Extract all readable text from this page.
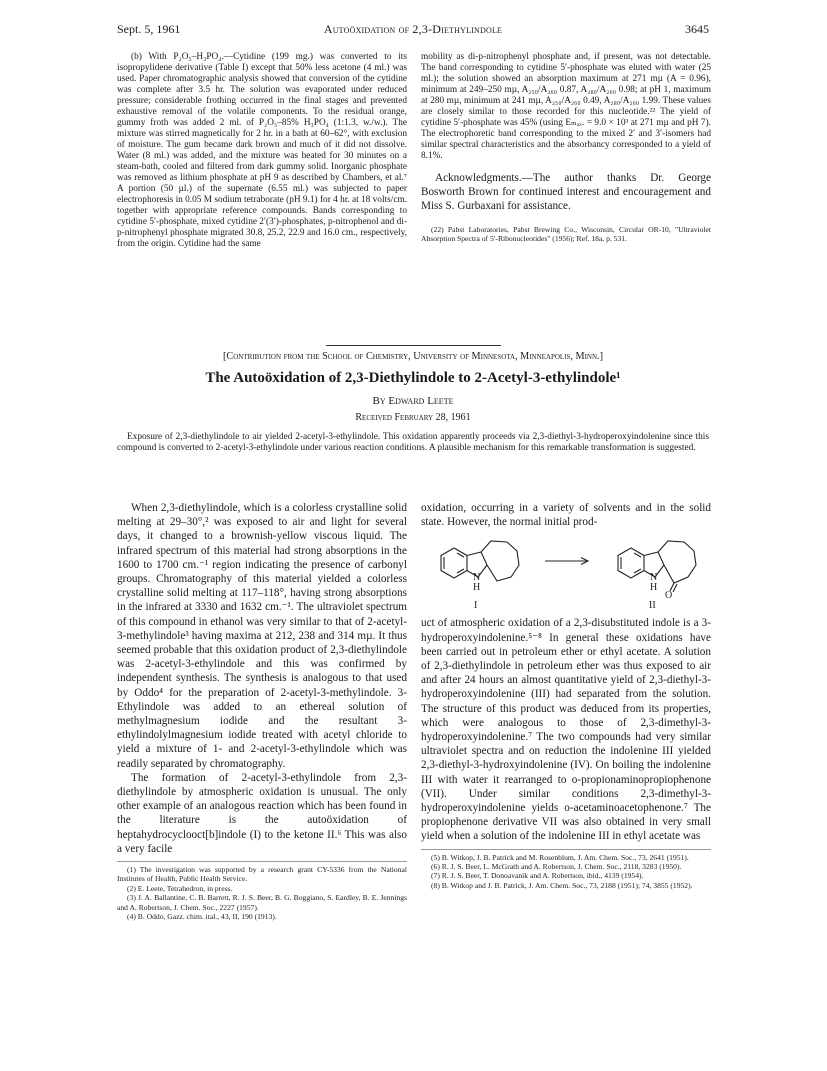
Sept. 5, 1961	Autoöxidation of 2,3-Diethylindole	3645

(b) With P₂O₅–H₃PO₄.—Cytidine (199 mg.) was converted to its isopropylidene derivative (Table I) except that 50% less acetone (4 ml.) was used. Paper chromatographic analysis showed that conversion of the cytidine was complete after 3.5 hr. The solution was evaporated under reduced pressure; considerable frothing occurred in the final stages and prevented exhaustive removal of the volatile components. To the residual orange, gummy froth was added 2 ml. of P₂O₅–85% H₃PO₄ (1:1.3, w./w.). The mixture was stirred magnetically for 2 hr. in a bath at 60–62°, with exclusion of moisture. The gum became dark brown and much of it did not dissolve. Water (8 ml.) was added, and the mixture was heated for 30 minutes on a steam-bath, cooled and filtered from dark gummy solid. Inorganic phosphate was removed as lithium phosphate at pH 9 as described by Chambers, et al.⁷ A portion (50 µl.) of the supernate (6.55 ml.) was subjected to paper electrophoresis in 0.05 M sodium tetraborate (pH 9.1) for 4 hr. at 18 volts/cm. together with appropriate reference compounds. Bands corresponding to cytidine 5′-phosphate, mixed cytidine 2′(3′)-phosphates, p-nitrophenol and di-p-nitrophenyl phosphate migrated 30.8, 25.2, 22.9 and 16.0 cm., respectively, from the origin. Cytidine had the same

mobility as di-p-nitrophenyl phosphate and, if present, was not detectable. The band corresponding to cytidine 5′-phosphate was eluted with water (25 ml.); the solution showed an absorption maximum at 271 mµ (A = 0.96), minimum at 249–250 mµ, A₂₅₀/A₂₆₀ 0.87, A₂₈₀/A₂₆₀ 0.98; at pH 1, maximum at 280 mµ, minimum at 241 mµ, A₂₅₀/A₂₆₀ 0.49, A₂₈₀/A₂₆₀ 1.99. These values are closely similar to those recorded for this nucleotide.²² The yield of cytidine 5′-phosphate was 45% (using Eₘₐₓ. = 9.0 × 10³ at 271 mµ and pH 7). The electrophoretic band corresponding to the mixed 2′ and 3′-isomers had similar spectral characteristics and the absorbancy corresponded to a yield of 8.1%.

Acknowledgments.—The author thanks Dr. George Bosworth Brown for continued interest and encouragement and Miss S. Gurbaxani for assistance.

(22) Pabst Laboratories, Pabst Brewing Co., Wisconsin, Circular OR-10, "Ultraviolet Absorption Spectra of 5′-Ribonucleotides" (1956); Ref. 18a, p. 531.

[Contribution from the School of Chemistry, University of Minnesota, Minneapolis, Minn.]
The Autoöxidation of 2,3-Diethylindole to 2-Acetyl-3-ethylindole¹
By Edward Leete
Received February 28, 1961
Exposure of 2,3-diethylindole to air yielded 2-acetyl-3-ethylindole. This oxidation apparently proceeds via 2,3-diethyl-3-hydroperoxyindolenine since this compound is converted to 2-acetyl-3-ethylindole under various reaction conditions. A plausible mechanism for this remarkable transformation is suggested.

When 2,3-diethylindole, which is a colorless crystalline solid melting at 29–30°,² was exposed to air and light for several days, it changed to a brownish-yellow viscous liquid. The infrared spectrum of this material had strong absorptions in the 1600 to 1700 cm.⁻¹ region indicating the presence of carbonyl groups. Chromatography of this material yielded a colorless crystalline solid melting at 117–118°, having strong absorptions in the infrared at 3330 and 1632 cm.⁻¹. The ultraviolet spectrum of this compound in ethanol was very similar to that of 2-acetyl-3-methylindole³ having maxima at 212, 238 and 314 mµ. It thus seemed probable that this oxidation product of 2,3-diethylindole was 2-acetyl-3-ethylindole and this was confirmed by independent synthesis. The synthesis is analogous to that used by Oddo⁴ for the preparation of 2-acetyl-3-methylindole. 3-Ethylindole was added to an ethereal solution of methylmagnesium iodide and the resultant 3-ethylindolylmagnesium iodide treated with acetyl chloride to yield a mixture of 1- and 2-acetyl-3-ethylindole which was readily separated by chromatography.

The formation of 2-acetyl-3-ethylindole from 2,3-diethylindole by atmospheric oxidation is unusual. The only other example of an analogous reaction which has been found in the literature is the autoöxidation of heptahydrocyclooct[b]indole (I) to the ketone II.⁶ This was also a very facile

(1) The investigation was supported by a research grant CY-5336 from the National Institutes of Health, Public Health Service.

(2) E. Leete, Tetrahedron, in press.

(3) J. A. Ballantine, C. B. Barrett, R. J. S. Beer, B. G. Boggiano, S. Eardley, B. E. Jennings and A. Robertson, J. Chem. Soc., 2227 (1957).

(4) B. Oddo, Gazz. chim. ital., 43, II, 190 (1913).

oxidation, occurring in a variety of solvents and in the solid state. However, the normal initial prod-

N
H
N
H
O
I	II

uct of atmospheric oxidation of a 2,3-disubstituted indole is a 3-hydroperoxyindolenine.⁵⁻⁸ In general these oxidations have been carried out in petroleum ether or ethyl acetate. A solution of 2,3-diethylindole in petroleum ether was thus exposed to air and after 24 hours an almost quantitative yield of 2,3-diethyl-3-hydroperoxyindolenine (III) had separated from the solution. The structure of this product was deduced from its properties, which were analogous to those of 2,3-dimethyl-3-hydroperoxyindolenine.⁷ The two compounds had very similar ultraviolet spectra and on reduction the indolenine III yielded 2,3-diethyl-3-hydroxyindolenine (IV). On boiling the indolenine III with water it rearranged to o-propionaminopropiophenone (VII). Under similar conditions 2,3-dimethyl-3-hydroperoxyindolenine yields o-acetaminoacetophenone.⁷ The propiophenone derivative VII was also obtained in very small yield when a solution of the indolenine III in ethyl acetate was

(5) B. Witkop, J. B. Patrick and M. Rosenblum, J. Am. Chem. Soc., 73, 2641 (1951).

(6) R. J. S. Beer, L. McGrath and A. Robertson, J. Chem. Soc., 2118, 3283 (1950).

(7) R. J. S. Beer, T. Donoavanik and A. Robertson, ibid., 4139 (1954).

(8) B. Witkop and J. B. Patrick, J. Am. Chem. Soc., 73, 2188 (1951); 74, 3855 (1952).
